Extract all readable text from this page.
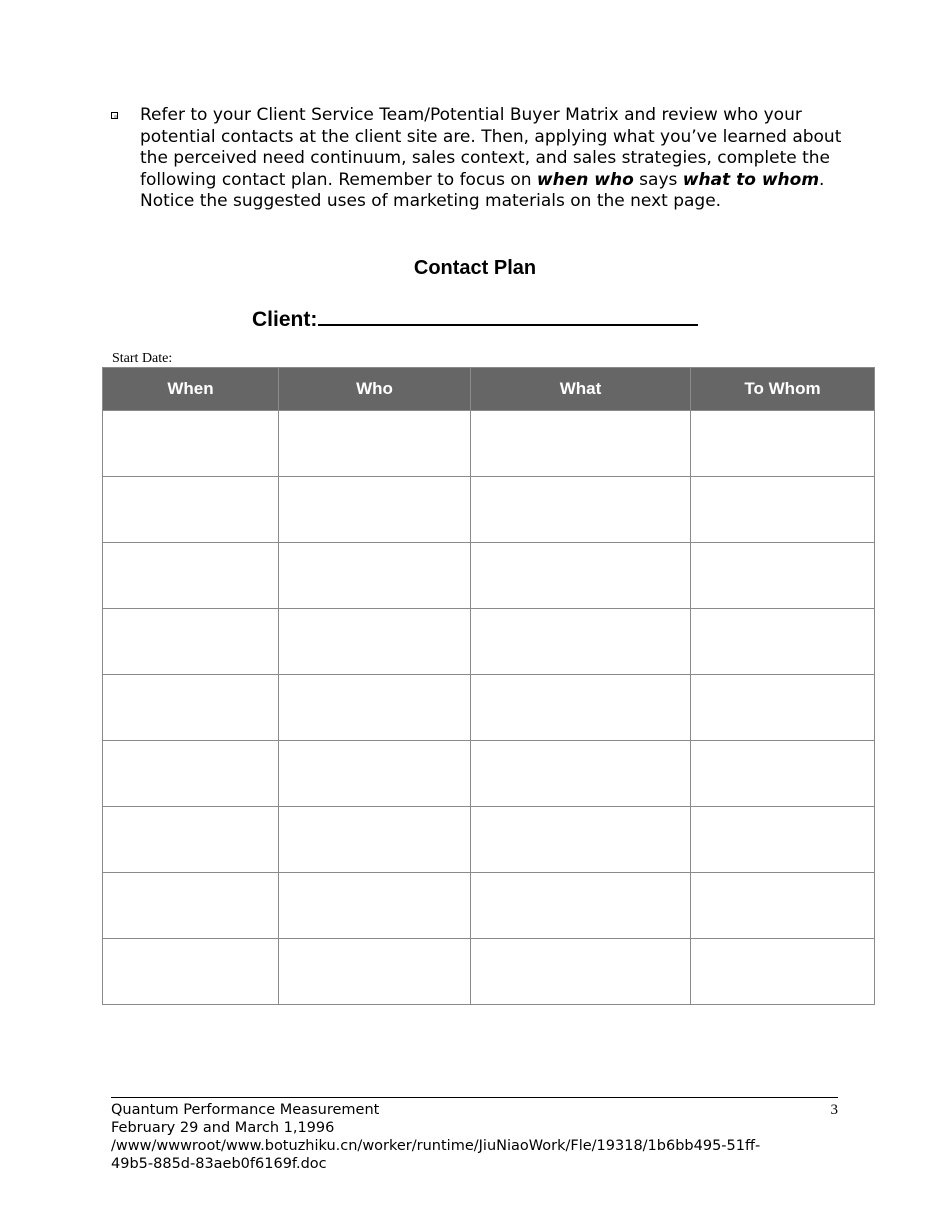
Refer to your Client Service Team/Potential Buyer Matrix and review who your potential contacts at the client site are. Then, applying what you’ve learned about the perceived need continuum, sales context, and sales strategies, complete the following contact plan. Remember to focus on when who says what to whom. Notice the suggested uses of marketing materials on the next page.
Contact Plan
Client:
Start Date:
When	Who	What	To Whom

Quantum Performance Measurement
February 29 and March 1,1996
/www/wwwroot/www.botuzhiku.cn/worker/runtime/JiuNiaoWork/Fle/19318/1b6bb495-51ff-
49b5-885d-83aeb0f6169f.doc
3
